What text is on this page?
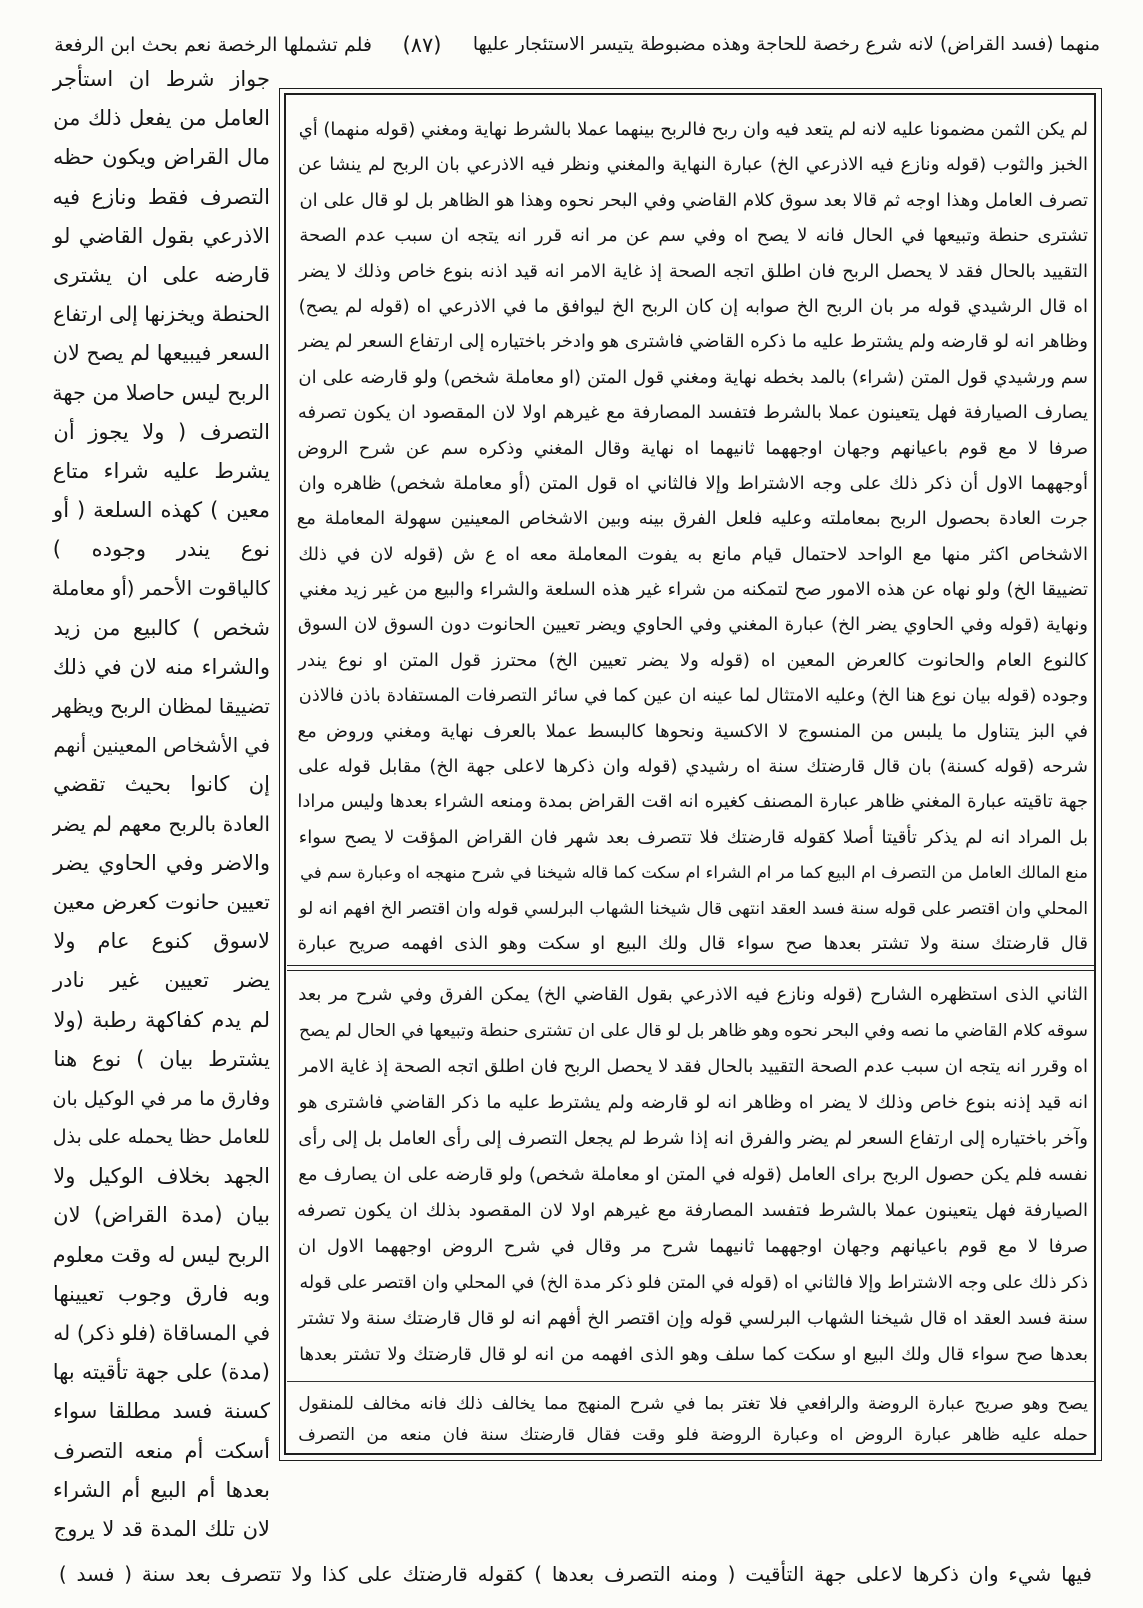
منهما (فسد القراض) لانه شرع رخصة للحاجة وهذه مضبوطة يتيسر الاستئجار عليها
(٨٧)
فلم تشملها الرخصة نعم بحث ابن الرفعة
جواز شرط ان استأجر
العامل من يفعل ذلك من
مال القراض ويكون حظه
التصرف فقط ونازع فيه
الاذرعي بقول القاضي لو
قارضه على ان يشترى
الحنطة ويخزنها إلى ارتفاع
السعر فيبيعها لم يصح لان
الربح ليس حاصلا من جهة
التصرف ( ولا يجوز أن
يشرط عليه شراء متاع
معين ) كهذه السلعة ( أو
نوع يندر وجوده )
كالياقوت الأحمر (أو معاملة
شخص ) كالبيع من زيد
والشراء منه لان في ذلك
تضييقا لمظان الربح ويظهر
في الأشخاص المعينين أنهم
إن كانوا بحيث تقضي
العادة بالربح معهم لم يضر
والاضر وفي الحاوي يضر
تعيين حانوت كعرض معين
لاسوق كنوع عام ولا
يضر تعيين غير نادر
لم يدم كفاكهة رطبة (ولا
يشترط بيان ) نوع هنا
وفارق ما مر في الوكيل بان
للعامل حظا يحمله على بذل
الجهد بخلاف الوكيل ولا
بيان (مدة القراض) لان
الربح ليس له وقت معلوم
وبه فارق وجوب تعيينها
في المساقاة (فلو ذكر) له
(مدة) على جهة تأقيته بها
كسنة فسد مطلقا سواء
أسكت أم منعه التصرف
بعدها أم البيع أم الشراء
لان تلك المدة قد لا يروج
لم يكن الثمن مضمونا عليه لانه لم يتعد فيه وان ربح فالربح بينهما عملا بالشرط نهاية ومغني (قوله منهما) أي
الخبز والثوب (قوله ونازع فيه الاذرعي الخ) عبارة النهاية والمغني ونظر فيه الاذرعي بان الربح لم ينشا عن
تصرف العامل وهذا اوجه ثم قالا بعد سوق كلام القاضي وفي البحر نحوه وهذا هو الظاهر بل لو قال على ان
تشترى حنطة وتبيعها في الحال فانه لا يصح اه وفي سم عن مر انه قرر انه يتجه ان سبب عدم الصحة
التقييد بالحال فقد لا يحصل الربح فان اطلق اتجه الصحة إذ غاية الامر انه قيد اذنه بنوع خاص وذلك لا يضر
اه قال الرشيدي قوله مر بان الربح الخ صوابه إن كان الربح الخ ليوافق ما في الاذرعي اه (قوله لم يصح)
وظاهر انه لو قارضه ولم يشترط عليه ما ذكره القاضي فاشترى هو وادخر باختياره إلى ارتفاع السعر لم يضر
سم ورشيدي قول المتن (شراء) بالمد بخطه نهاية ومغني قول المتن (او معاملة شخص) ولو قارضه على ان
يصارف الصيارفة فهل يتعينون عملا بالشرط فتفسد المصارفة مع غيرهم اولا لان المقصود ان يكون تصرفه
صرفا لا مع قوم باعيانهم وجهان اوجههما ثانيهما اه نهاية وقال المغني وذكره سم عن شرح الروض
أوجههما الاول أن ذكر ذلك على وجه الاشتراط وإلا فالثاني اه قول المتن (أو معاملة شخص) ظاهره وان
جرت العادة بحصول الربح بمعاملته وعليه فلعل الفرق بينه وبين الاشخاص المعينين سهولة المعاملة مع
الاشخاص اكثر منها مع الواحد لاحتمال قيام مانع به يفوت المعاملة معه اه ع ش (قوله لان في ذلك
تضييقا الخ) ولو نهاه عن هذه الامور صح لتمكنه من شراء غير هذه السلعة والشراء والبيع من غير زيد مغني
ونهاية (قوله وفي الحاوي يضر الخ) عبارة المغني وفي الحاوي ويضر تعيين الحانوت دون السوق لان السوق
كالنوع العام والحانوت كالعرض المعين اه (قوله ولا يضر تعيين الخ) محترز قول المتن او نوع يندر
وجوده (قوله بيان نوع هنا الخ) وعليه الامتثال لما عينه ان عين كما في سائر التصرفات المستفادة باذن فالاذن
في البز يتناول ما يلبس من المنسوج لا الاكسية ونحوها كالبسط عملا بالعرف نهاية ومغني وروض مع
شرحه (قوله كسنة) بان قال قارضتك سنة اه رشيدي (قوله وان ذكرها لاعلى جهة الخ) مقابل قوله على
جهة تاقيته عبارة المغني ظاهر عبارة المصنف كغيره انه اقت القراض بمدة ومنعه الشراء بعدها وليس مرادا
بل المراد انه لم يذكر تأقيتا أصلا كقوله قارضتك فلا تتصرف بعد شهر فان القراض المؤقت لا يصح سواء
منع المالك العامل من التصرف ام البيع كما مر ام الشراء ام سكت كما قاله شيخنا في شرح منهجه اه وعبارة سم في
المحلي وان اقتصر على قوله سنة فسد العقد انتهى قال شيخنا الشهاب البرلسي قوله وان اقتصر الخ افهم انه لو
قال قارضتك سنة ولا تشتر بعدها صح سواء قال ولك البيع او سكت وهو الذى افهمه صريح عبارة
الثاني الذى استظهره الشارح (قوله ونازع فيه الاذرعي بقول القاضي الخ) يمكن الفرق وفي شرح مر بعد
سوقه كلام القاضي ما نصه وفي البحر نحوه وهو ظاهر بل لو قال على ان تشترى حنطة وتبيعها في الحال لم يصح
اه وقرر انه يتجه ان سبب عدم الصحة التقييد بالحال فقد لا يحصل الربح فان اطلق اتجه الصحة إذ غاية الامر
انه قيد إذنه بنوع خاص وذلك لا يضر اه وظاهر انه لو قارضه ولم يشترط عليه ما ذكر القاضي فاشترى هو
وآخر باختياره إلى ارتفاع السعر لم يضر والفرق انه إذا شرط لم يجعل التصرف إلى رأى العامل بل إلى رأى
نفسه فلم يكن حصول الربح براى العامل (قوله في المتن او معاملة شخص) ولو قارضه على ان يصارف مع
الصيارفة فهل يتعينون عملا بالشرط فتفسد المصارفة مع غيرهم اولا لان المقصود بذلك ان يكون تصرفه
صرفا لا مع قوم باعيانهم وجهان اوجههما ثانيهما شرح مر وقال في شرح الروض اوجههما الاول ان
ذكر ذلك على وجه الاشتراط وإلا فالثاني اه (قوله في المتن فلو ذكر مدة الخ) في المحلي وان اقتصر على قوله
سنة فسد العقد اه قال شيخنا الشهاب البرلسي قوله وإن اقتصر الخ أفهم انه لو قال قارضتك سنة ولا تشتر
بعدها صح سواء قال ولك البيع او سكت كما سلف وهو الذى افهمه من انه لو قال قارضتك ولا تشتر بعدها
يصح وهو صريح عبارة الروضة والرافعي فلا تغتر بما في شرح المنهج مما يخالف ذلك فانه مخالف للمنقول
حمله عليه ظاهر عبارة الروض اه وعبارة الروضة فلو وقت فقال قارضتك سنة فان منعه من التصرف
فيها شيء وان ذكرها لاعلى جهة التأقيت ( ومنه التصرف بعدها ) كقوله قارضتك على كذا ولا تتصرف بعد سنة ( فسد )
